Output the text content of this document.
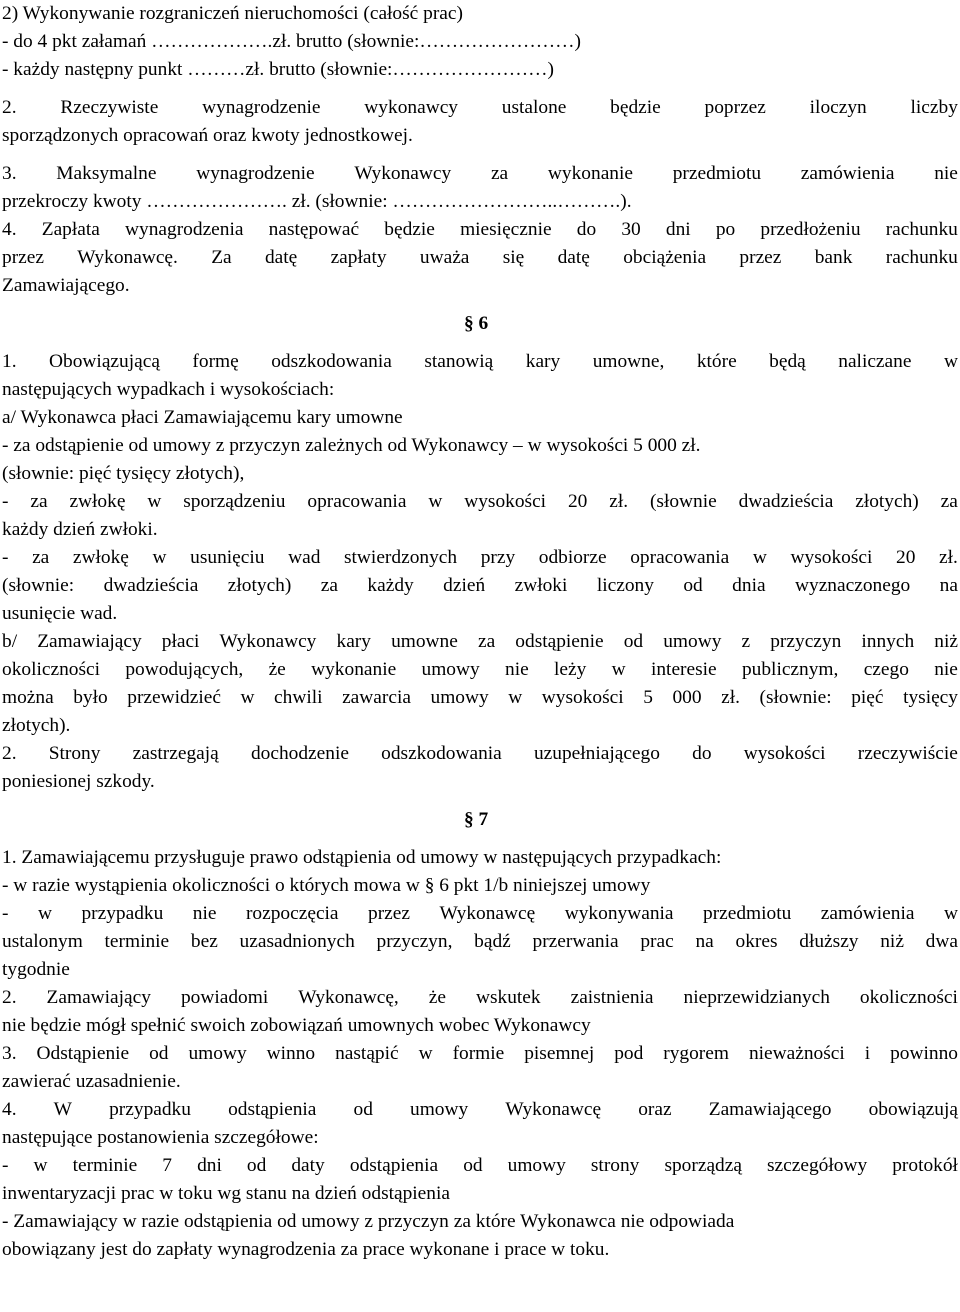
2) Wykonywanie rozgraniczeń nieruchomości (całość prac)
- do 4 pkt załamań ……………….zł. brutto (słownie:……………………)
- każdy następny punkt ………zł. brutto (słownie:……………………)
2. Rzeczywiste wynagrodzenie wykonawcy ustalone będzie poprzez iloczyn liczby
sporządzonych opracowań oraz kwoty jednostkowej.
3. Maksymalne wynagrodzenie Wykonawcy za wykonanie przedmiotu zamówienia nie
przekroczy kwoty …………………. zł. (słownie: ……………………..……….).
4. Zapłata wynagrodzenia następować będzie miesięcznie do 30 dni po przedłożeniu rachunku
przez Wykonawcę. Za datę zapłaty uważa się datę obciążenia przez bank rachunku
Zamawiającego.
§ 6
1. Obowiązującą formę odszkodowania stanowią kary umowne, które będą naliczane w
następujących wypadkach i wysokościach:
a/ Wykonawca płaci Zamawiającemu kary umowne
- za odstąpienie od umowy z przyczyn zależnych od Wykonawcy – w wysokości 5 000 zł.
(słownie: pięć tysięcy złotych),
- za zwłokę w sporządzeniu opracowania w wysokości 20 zł. (słownie dwadzieścia złotych) za
każdy dzień zwłoki.
- za zwłokę w usunięciu wad stwierdzonych przy odbiorze opracowania w wysokości 20 zł.
(słownie: dwadzieścia złotych) za każdy dzień zwłoki liczony od dnia wyznaczonego na
usunięcie wad.
b/ Zamawiający płaci Wykonawcy kary umowne za odstąpienie od umowy z przyczyn innych niż
okoliczności powodujących, że wykonanie umowy nie leży w interesie publicznym, czego nie
można było przewidzieć w chwili zawarcia umowy w wysokości 5 000 zł. (słownie: pięć tysięcy
złotych).
2. Strony zastrzegają dochodzenie odszkodowania uzupełniającego do wysokości rzeczywiście
poniesionej szkody.
§ 7
1. Zamawiającemu przysługuje prawo odstąpienia od umowy w następujących przypadkach:
- w razie wystąpienia okoliczności o których mowa w § 6 pkt 1/b niniejszej umowy
- w przypadku nie rozpoczęcia przez Wykonawcę wykonywania przedmiotu zamówienia w
ustalonym terminie bez uzasadnionych przyczyn, bądź przerwania prac na okres dłuższy niż dwa
tygodnie
2. Zamawiający powiadomi Wykonawcę, że wskutek zaistnienia nieprzewidzianych okoliczności
nie będzie mógł spełnić swoich zobowiązań umownych wobec Wykonawcy
3. Odstąpienie od umowy winno nastąpić w formie pisemnej pod rygorem nieważności i powinno
zawierać uzasadnienie.
4. W przypadku odstąpienia od umowy Wykonawcę oraz Zamawiającego obowiązują
następujące postanowienia szczegółowe:
- w terminie 7 dni od daty odstąpienia od umowy strony sporządzą szczegółowy protokół
inwentaryzacji prac w toku wg stanu na dzień odstąpienia
- Zamawiający w razie odstąpienia od umowy z przyczyn za które Wykonawca nie odpowiada
obowiązany jest do zapłaty wynagrodzenia za prace wykonane i prace w toku.
